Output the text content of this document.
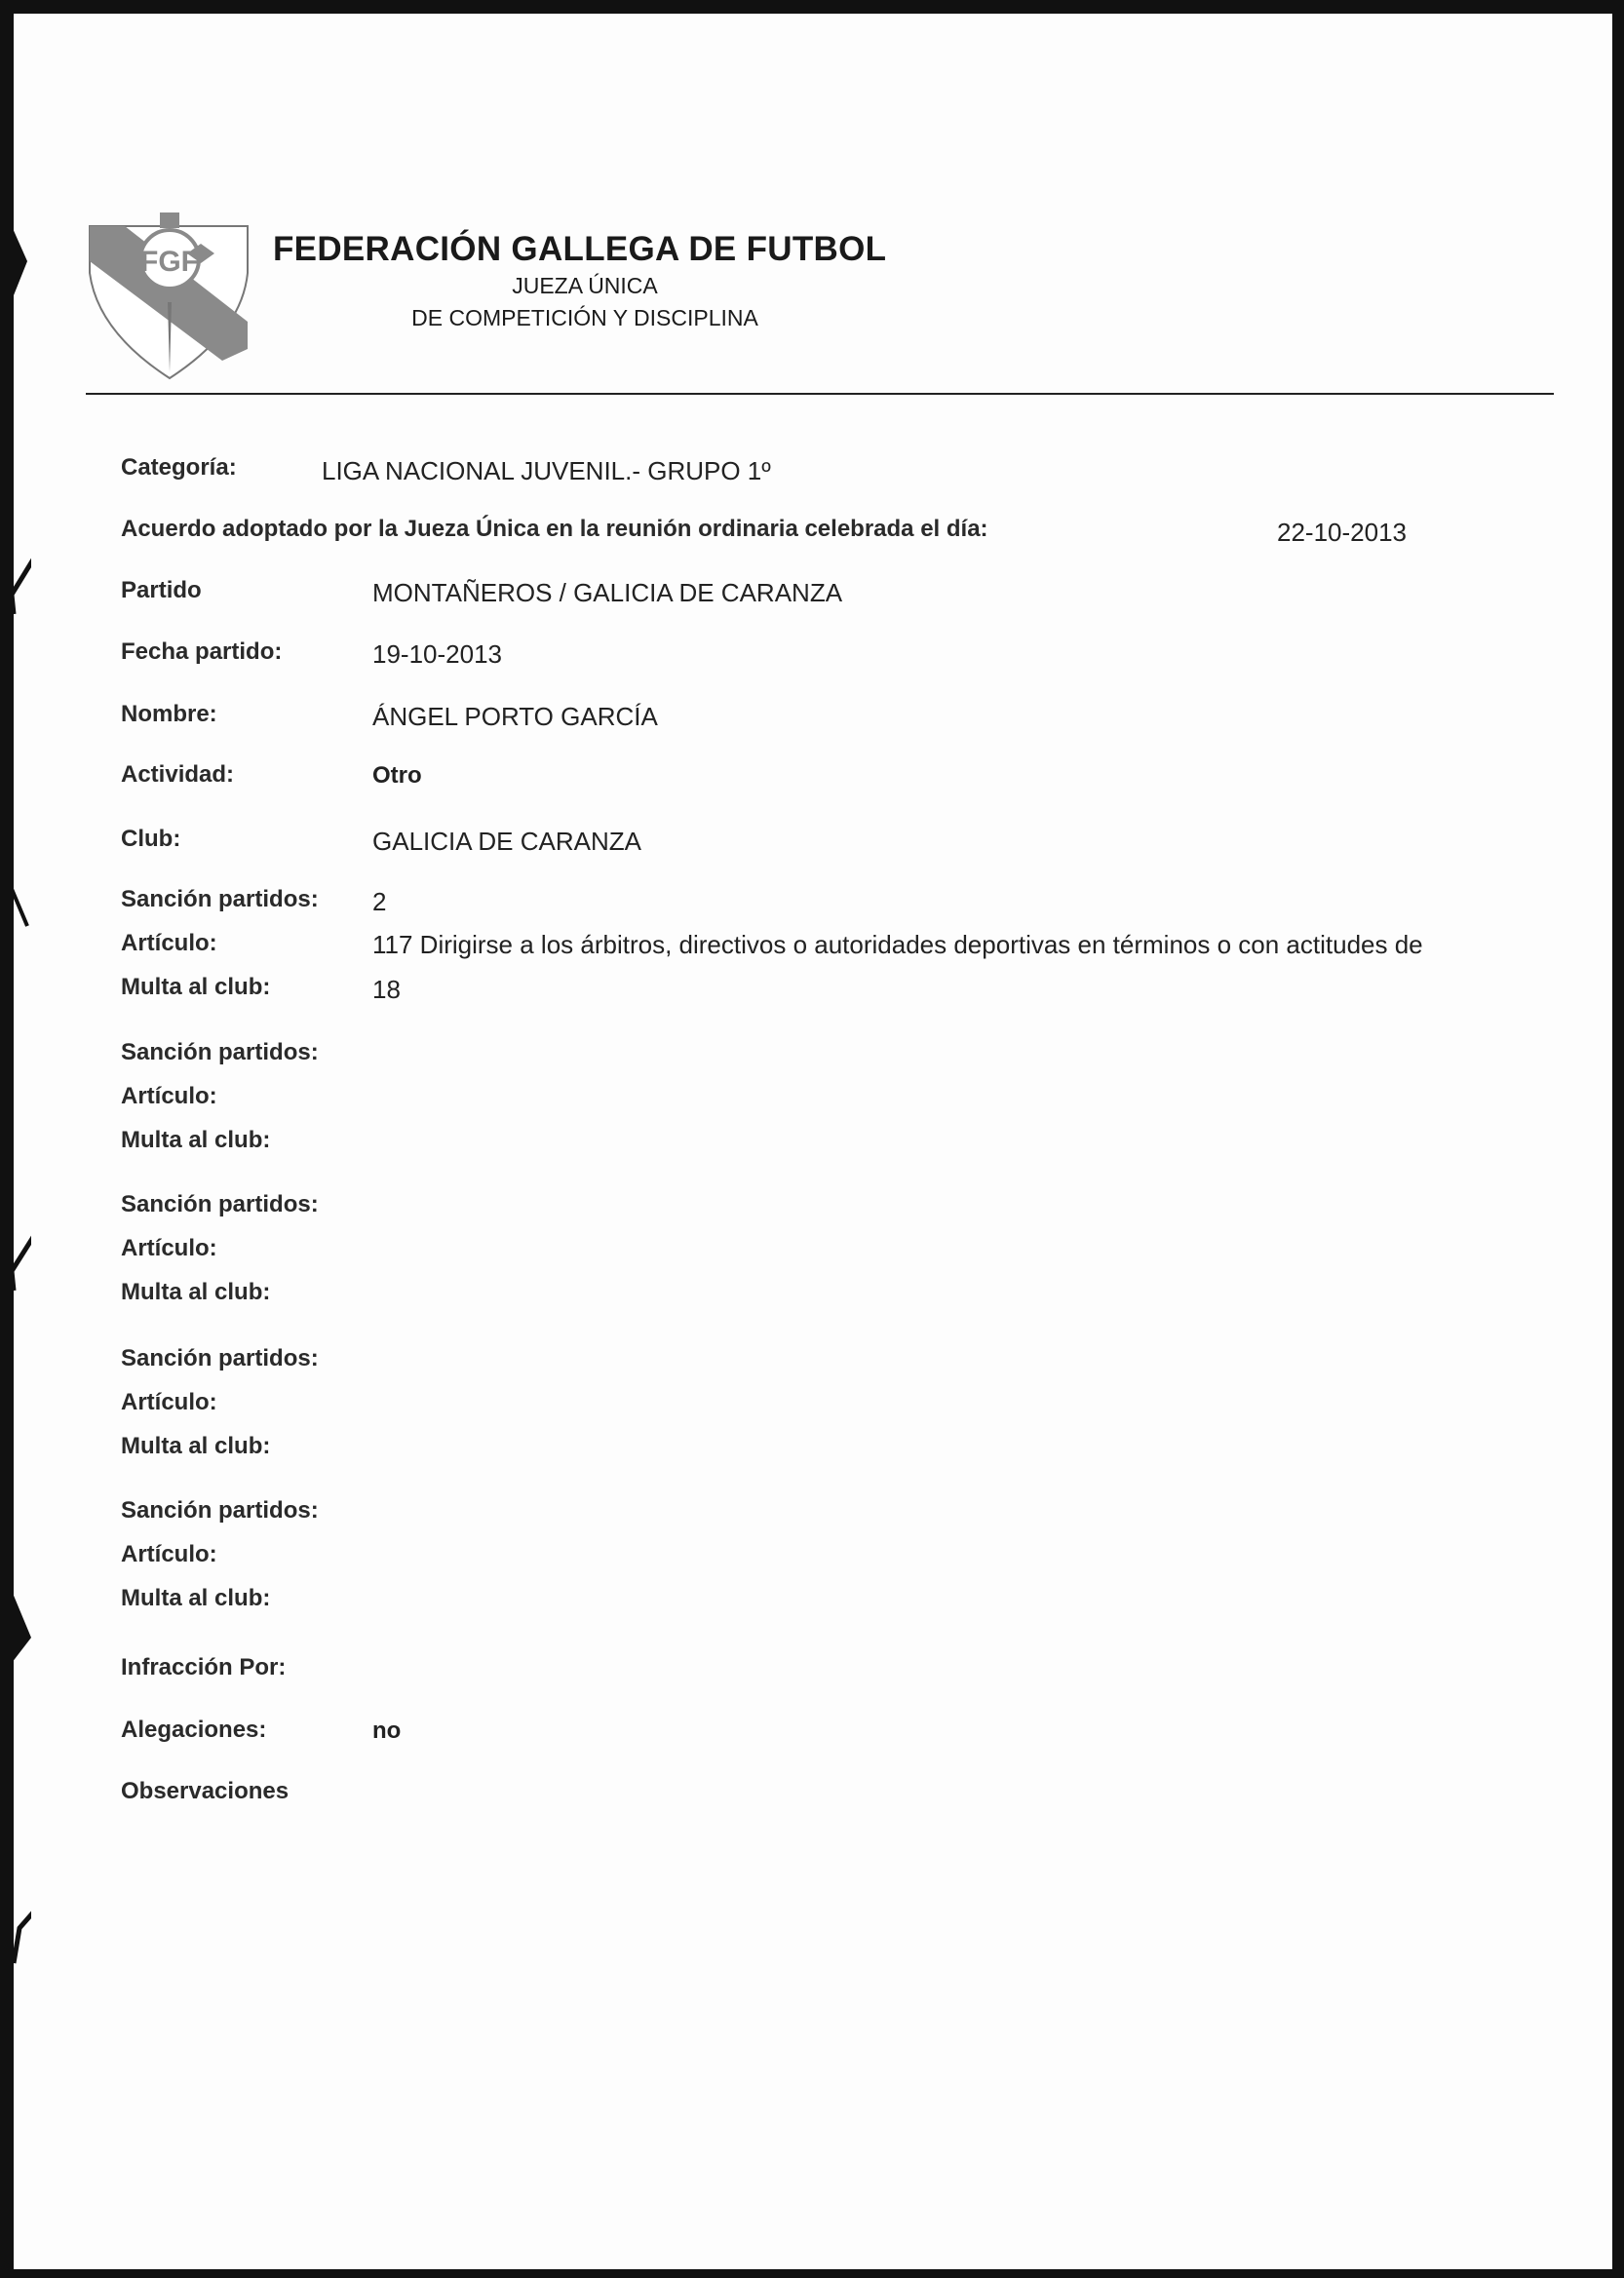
FGF FEDERACIÓN GALLEGA DE FUTBOL
JUEZA ÚNICA
DE COMPETICIÓN Y DISCIPLINA
Categoría:	LIGA NACIONAL JUVENIL.- GRUPO 1º
Acuerdo adoptado por la Jueza Única en la reunión ordinaria celebrada el día:	22-10-2013
Partido	MONTAÑEROS / GALICIA DE CARANZA
Fecha partido:	19-10-2013
Nombre:	ÁNGEL PORTO GARCÍA
Actividad:	Otro
Club:	GALICIA DE CARANZA
Sanción partidos: 2
Artículo:	117 Dirigirse a los árbitros, directivos o autoridades deportivas en términos o con actitudes de
Multa al club:	18
Sanción partidos:
Artículo:
Multa al club:
Sanción partidos:
Artículo:
Multa al club:
Sanción partidos:
Artículo:
Multa al club:
Sanción partidos:
Artículo:
Multa al club:
Infracción Por:
Alegaciones:	no
Observaciones
